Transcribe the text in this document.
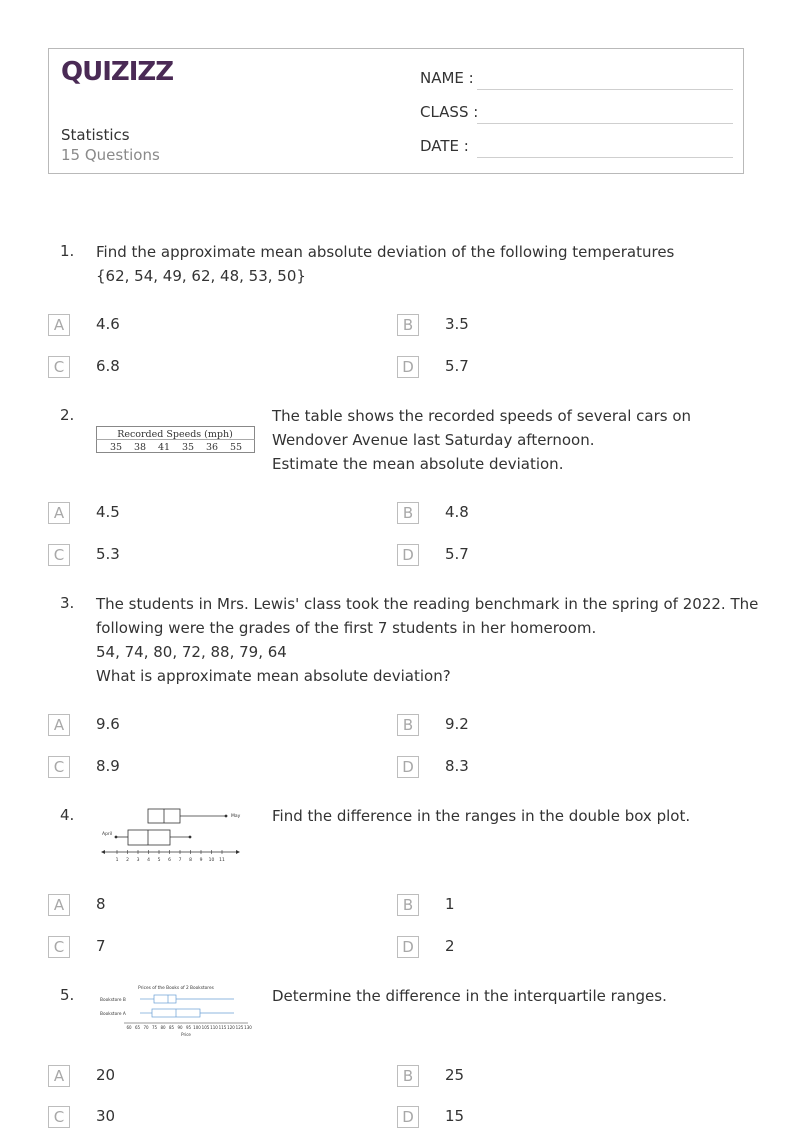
QUIZIZZ
Statistics
15 Questions
NAME :
CLASS :
DATE :
1. Find the approximate mean absolute deviation of the following temperatures
{62, 54, 49, 62, 48, 53, 50}
A	4.6	B	3.5
C	6.8	D	5.7
2.
Recorded Speeds (mph)
35 38 41 35 36 55
The table shows the recorded speeds of several cars on
Wendover Avenue last Saturday afternoon.
Estimate the mean absolute deviation.
A	4.5	B	4.8
C	5.3	D	5.7
3. The students in Mrs. Lewis' class took the reading benchmark in the spring of 2022. The
following were the grades of the first 7 students in her homeroom.
54, 74, 80, 72, 88, 79, 64
What is approximate mean absolute deviation?
A	9.6	B	9.2
C	8.9	D	8.3
4.	May
April
1 2 3 4 5 6 7 8 9 10 11
Find the difference in the ranges in the double box plot.
A	8	B	1
C	7	D	2
5.	Prices of the Books of 2 Bookstores
Bookstore B
Bookstore A
60 65 70 75 80 85 90 95 100 105 110 115 120 125 130
Price
Determine the difference in the interquartile ranges.
A	20	B	25
C	30	D	15
